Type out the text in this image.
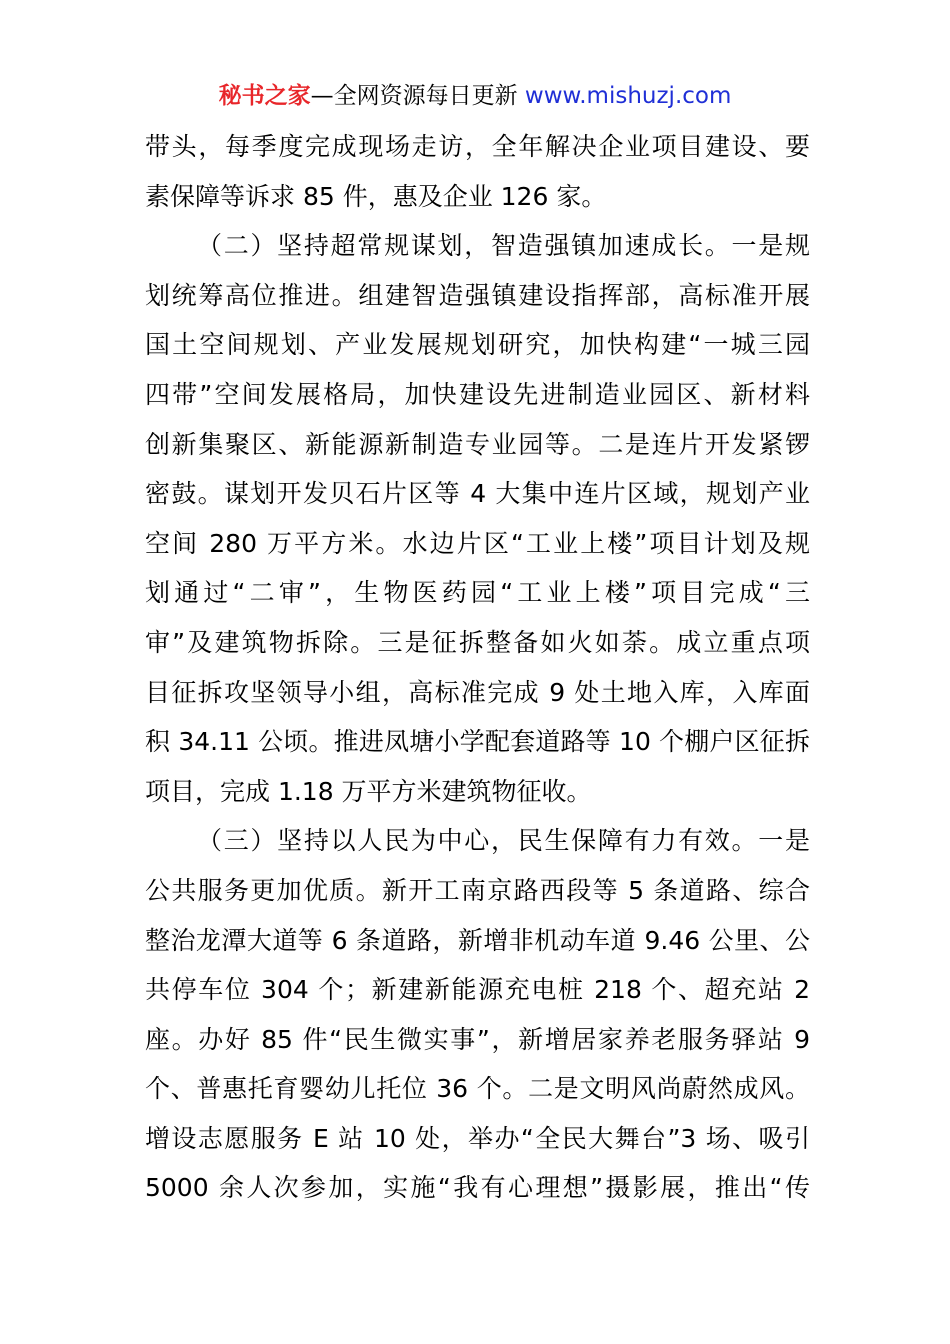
秘书之家—全网资源每日更新 www.mishuzj.com
带头，每季度完成现场走访，全年解决企业项目建设、要
素保障等诉求 85 件，惠及企业 126 家。
（二）坚持超常规谋划，智造强镇加速成长。一是规
划统筹高位推进。组建智造强镇建设指挥部，高标准开展
国土空间规划、产业发展规划研究，加快构建“一城三园
四带”空间发展格局，加快建设先进制造业园区、新材料
创新集聚区、新能源新制造专业园等。二是连片开发紧锣
密鼓。谋划开发贝石片区等 4 大集中连片区域，规划产业
空间 280 万平方米。水边片区“工业上楼”项目计划及规
划通过“二审”，生物医药园“工业上楼”项目完成“三
审”及建筑物拆除。三是征拆整备如火如荼。成立重点项
目征拆攻坚领导小组，高标准完成 9 处土地入库，入库面
积 34.11 公顷。推进凤塘小学配套道路等 10 个棚户区征拆
项目，完成 1.18 万平方米建筑物征收。
（三）坚持以人民为中心，民生保障有力有效。一是
公共服务更加优质。新开工南京路西段等 5 条道路、综合
整治龙潭大道等 6 条道路，新增非机动车道 9.46 公里、公
共停车位 304 个；新建新能源充电桩 218 个、超充站 2
座。办好 85 件“民生微实事”，新增居家养老服务驿站 9
个、普惠托育婴幼儿托位 36 个。二是文明风尚蔚然成风。
增设志愿服务 E 站 10 处，举办“全民大舞台”3 场、吸引
5000 余人次参加，实施“我有心理想”摄影展，推出“传
